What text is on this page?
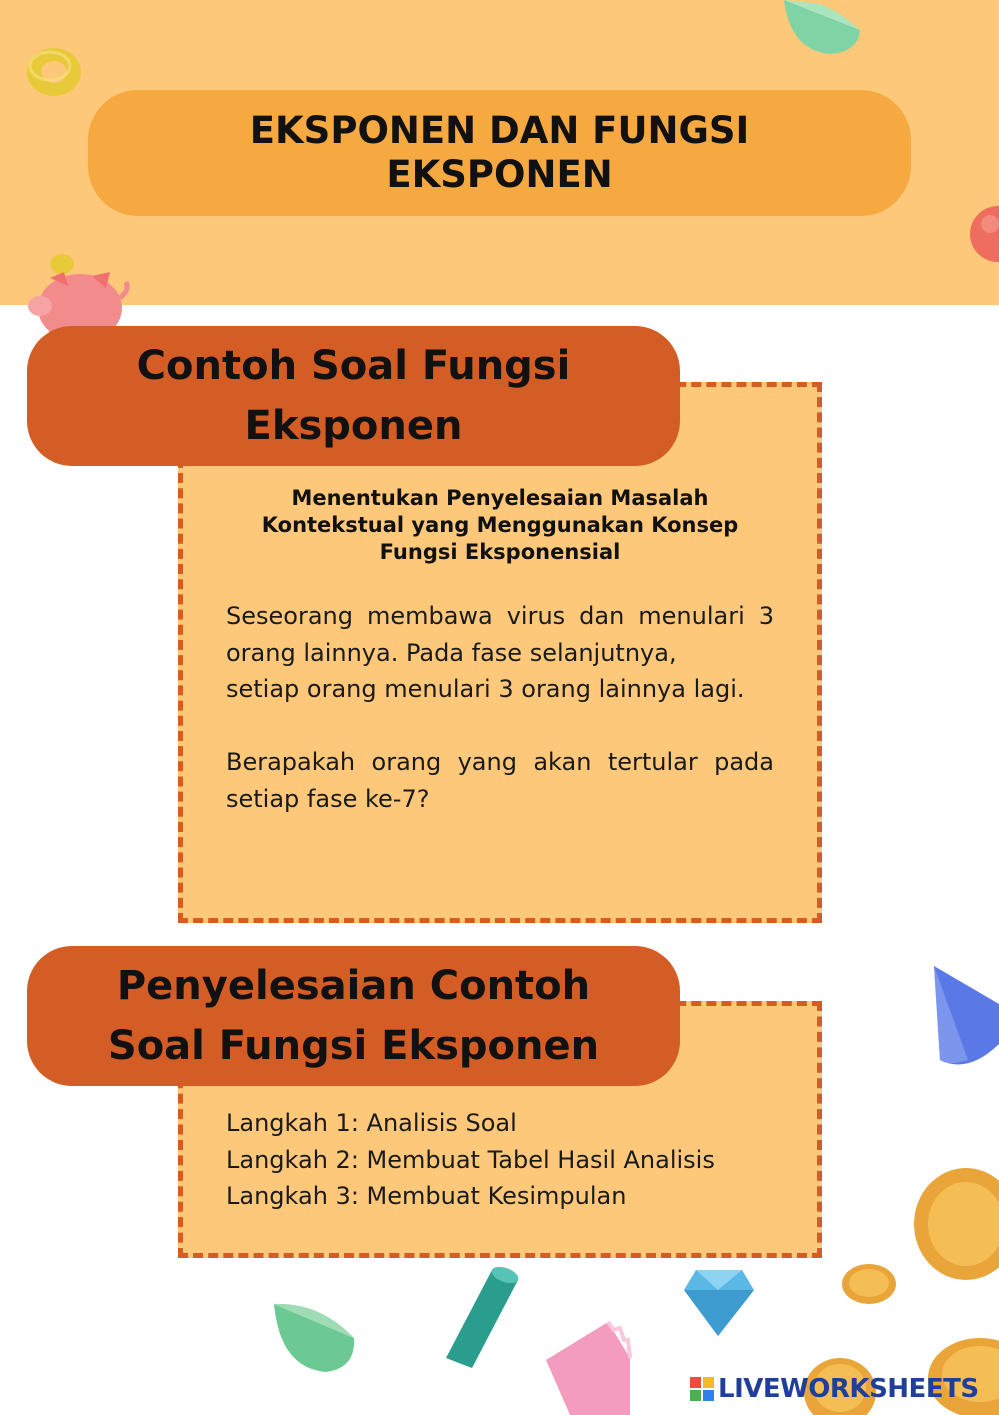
EKSPONEN DAN FUNGSI EKSPONEN
Contoh Soal Fungsi Eksponen
Menentukan Penyelesaian Masalah Kontekstual yang Menggunakan Konsep Fungsi Eksponensial

Seseorang membawa virus dan menulari 3 orang lainnya. Pada fase selanjutnya,

setiap orang menulari 3 orang lainnya lagi.

Berapakah orang yang akan tertular pada setiap fase ke-7?

Penyelesaian Contoh Soal Fungsi Eksponen
Langkah 1: Analisis Soal
Langkah 2: Membuat Tabel Hasil Analisis
Langkah 3: Membuat Kesimpulan
LIVEWORKSHEETS
